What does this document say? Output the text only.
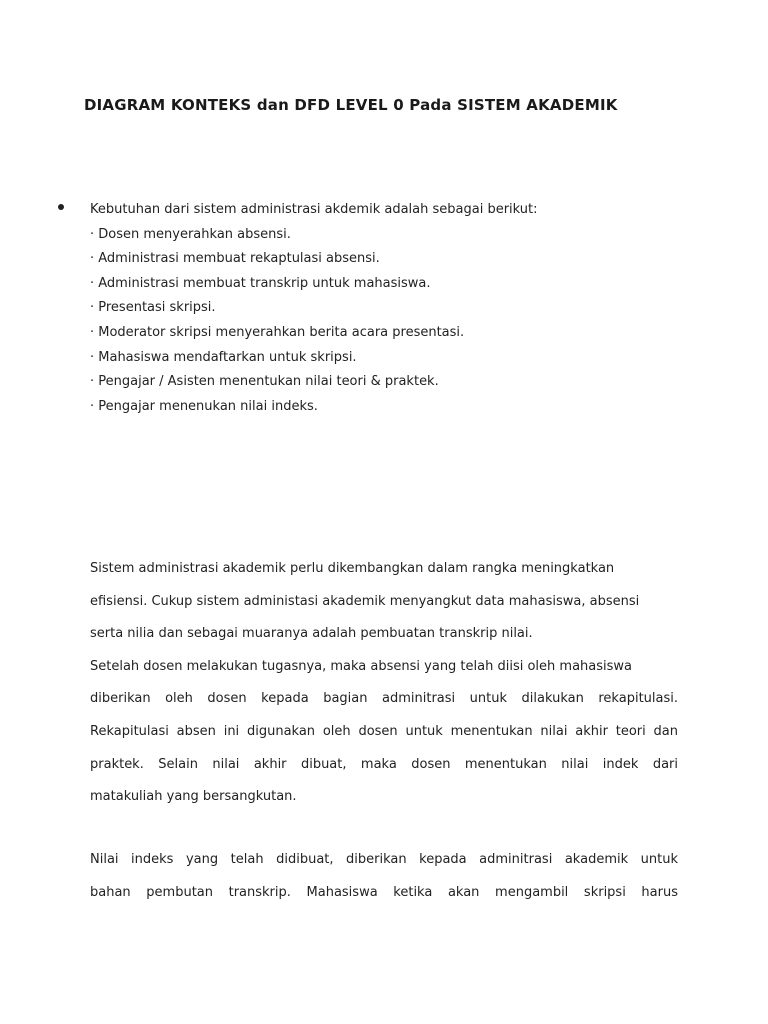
DIAGRAM KONTEKS dan DFD LEVEL 0 Pada SISTEM AKADEMIK
Kebutuhan dari sistem administrasi akdemik adalah sebagai berikut:
· Dosen menyerahkan absensi.
· Administrasi membuat rekaptulasi absensi.
· Administrasi membuat transkrip untuk mahasiswa.
· Presentasi skripsi.
· Moderator skripsi menyerahkan berita acara presentasi.
· Mahasiswa mendaftarkan untuk skripsi.
· Pengajar / Asisten menentukan nilai teori & praktek.
· Pengajar menenukan nilai indeks.
Sistem administrasi akademik perlu dikembangkan dalam rangka meningkatkan
efisiensi. Cukup sistem administasi akademik menyangkut data mahasiswa, absensi
serta nilia dan sebagai muaranya adalah pembuatan transkrip nilai.
Setelah dosen melakukan tugasnya, maka absensi yang telah diisi oleh mahasiswa
diberikan oleh dosen kepada bagian adminitrasi untuk dilakukan rekapitulasi.
Rekapitulasi absen ini digunakan oleh dosen untuk menentukan nilai akhir teori dan
praktek. Selain nilai akhir dibuat, maka dosen menentukan nilai indek dari
matakuliah yang bersangkutan.
Nilai indeks yang telah didibuat, diberikan kepada adminitrasi akademik untuk
bahan pembutan transkrip. Mahasiswa ketika akan mengambil skripsi harus
